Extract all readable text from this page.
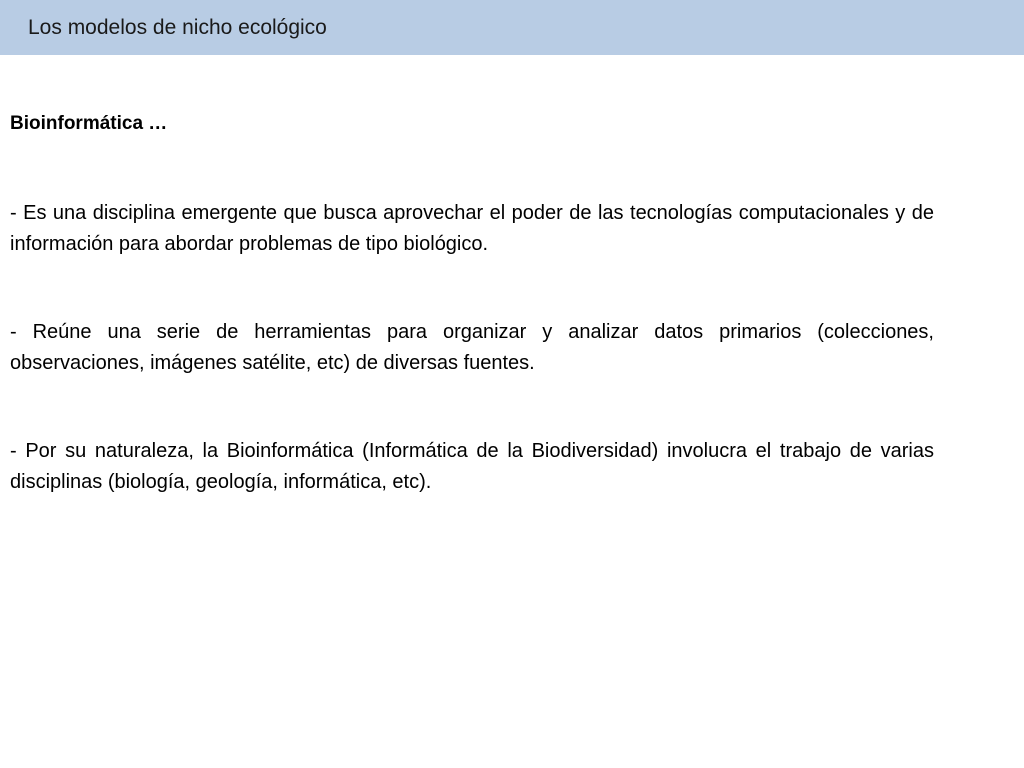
Los modelos de nicho ecológico

Bioinformática …

- Es una disciplina emergente que busca aprovechar el poder de las tecnologías computacionales y de información para abordar problemas de tipo biológico.

- Reúne una serie de herramientas para organizar y analizar datos primarios (colecciones, observaciones, imágenes satélite, etc) de diversas fuentes.

- Por su naturaleza, la Bioinformática (Informática de la Biodiversidad) involucra el trabajo de varias disciplinas (biología, geología, informática, etc).
